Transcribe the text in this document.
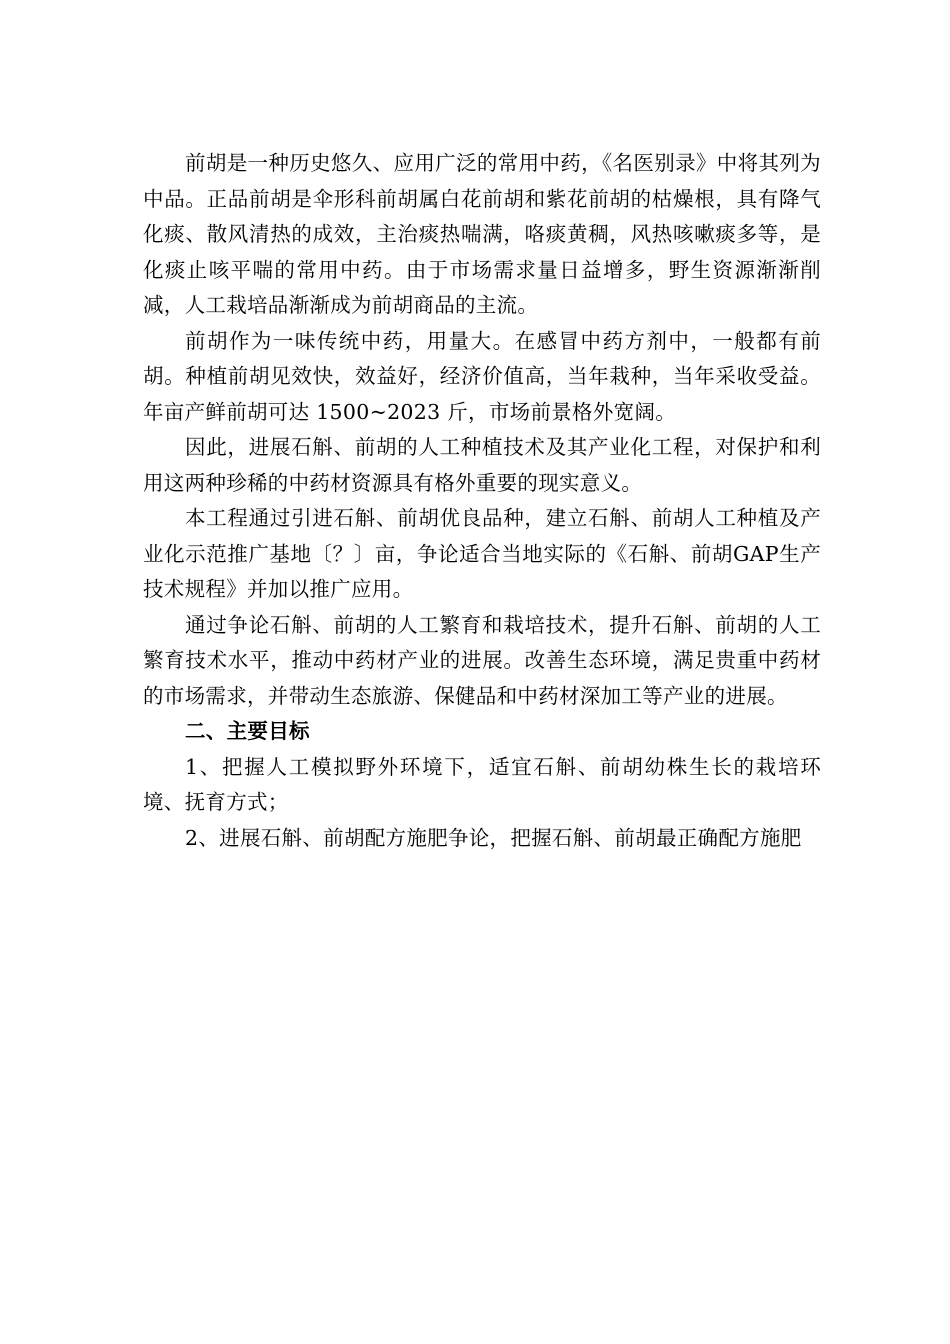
前胡是一种历史悠久、应用广泛的常用中药，《名医别录》中将其列为中品。正品前胡是伞形科前胡属白花前胡和紫花前胡的枯燥根，具有降气化痰、散风清热的成效，主治痰热喘满，咯痰黄稠，风热咳嗽痰多等，是化痰止咳平喘的常用中药。由于市场需求量日益增多，野生资源渐渐削减，人工栽培品渐渐成为前胡商品的主流。

前胡作为一味传统中药，用量大。在感冒中药方剂中，一般都有前胡。种植前胡见效快，效益好，经济价值高，当年栽种，当年采收受益。年亩产鲜前胡可达 1500~2023 斤，市场前景格外宽阔。

因此，进展石斛、前胡的人工种植技术及其产业化工程，对保护和利用这两种珍稀的中药材资源具有格外重要的现实意义。

本工程通过引进石斛、前胡优良品种，建立石斛、前胡人工种植及产业化示范推广基地〔？〕亩，争论适合当地实际的《石斛、前胡GAP生产技术规程》并加以推广应用。

通过争论石斛、前胡的人工繁育和栽培技术，提升石斛、前胡的人工繁育技术水平，推动中药材产业的进展。改善生态环境，满足贵重中药材的市场需求，并带动生态旅游、保健品和中药材深加工等产业的进展。

二、主要目标

1、把握人工模拟野外环境下，适宜石斛、前胡幼株生长的栽培环境、抚育方式；

2、进展石斛、前胡配方施肥争论，把握石斛、前胡最正确配方施肥
